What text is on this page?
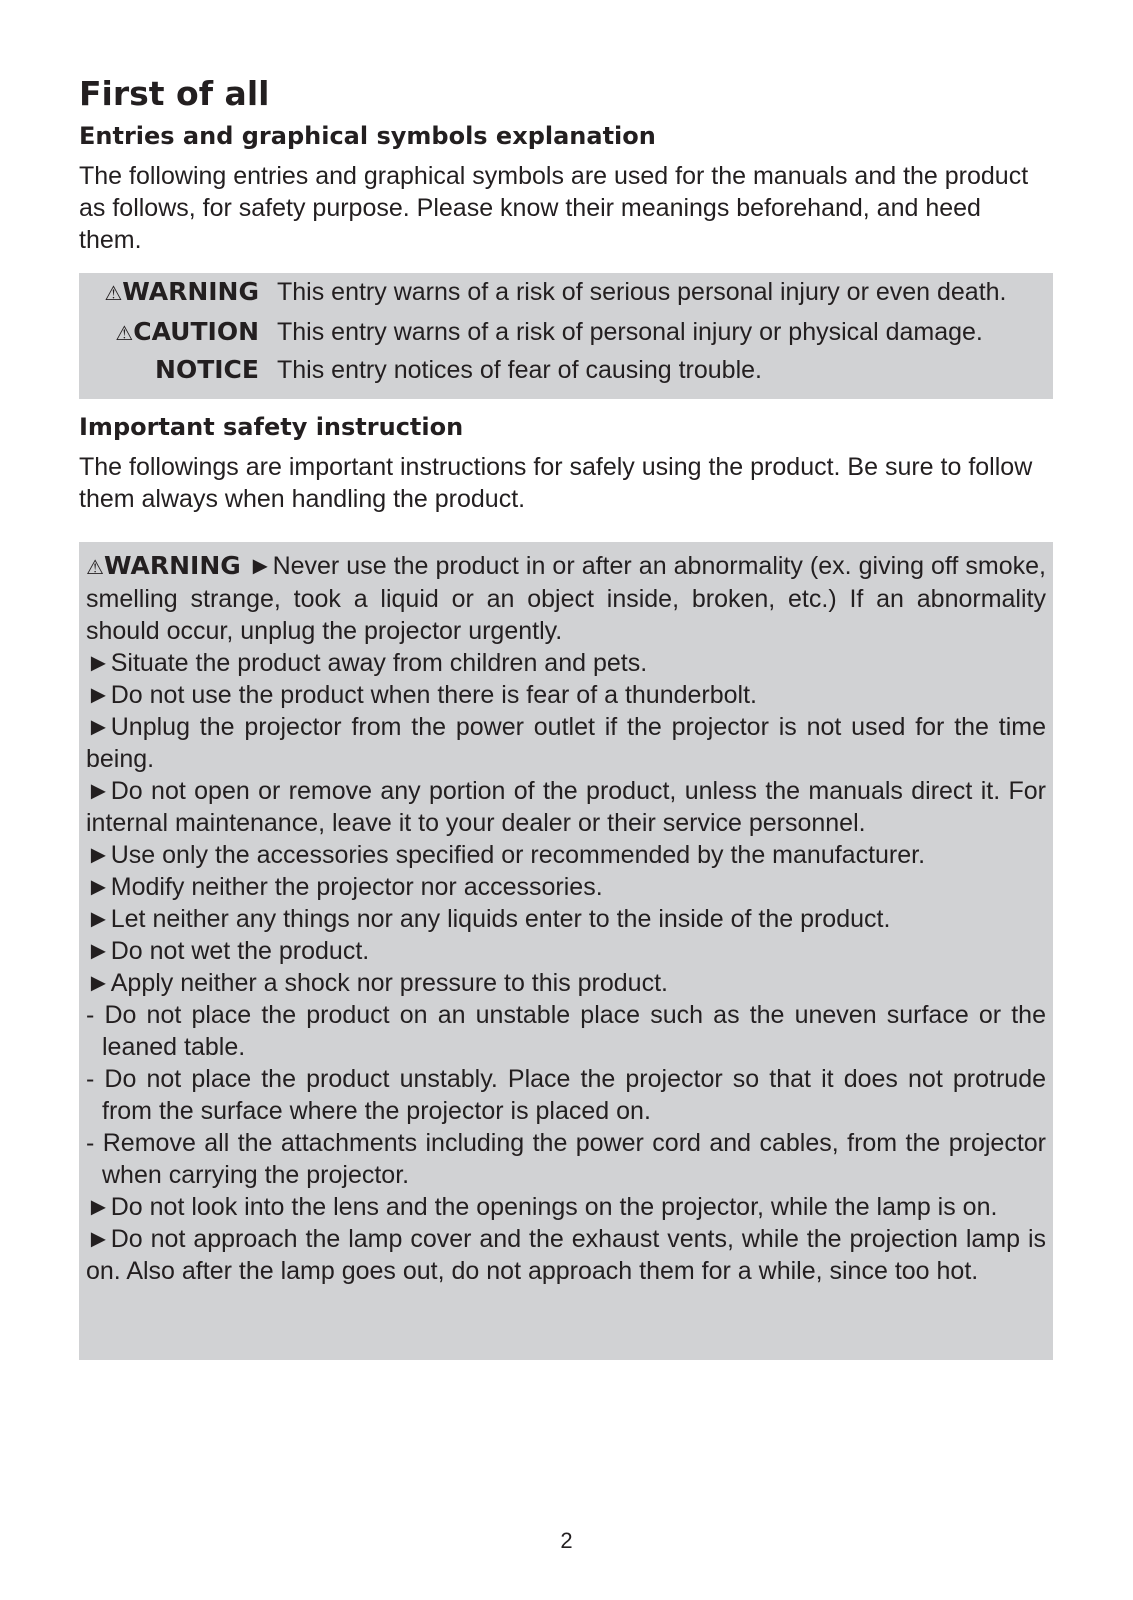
First of all
Entries and graphical symbols explanation

The following entries and graphical symbols are used for the manuals and the product as follows, for safety purpose. Please know their meanings beforehand, and heed them.

⚠WARNING This entry warns of a risk of serious personal injury or even death.
⚠CAUTION This entry warns of a risk of personal injury or physical damage.
NOTICE This entry notices of fear of causing trouble.
Important safety instruction

The followings are important instructions for safely using the product. Be sure to follow them always when handling the product.

⚠WARNING ►Never use the product in or after an abnormality (ex. giving off smoke, smelling strange, took a liquid or an object inside, broken, etc.) If an abnormality should occur, unplug the projector urgently.

►Situate the product away from children and pets.

►Do not use the product when there is fear of a thunderbolt.

►Unplug the projector from the power outlet if the projector is not used for the time being.

►Do not open or remove any portion of the product, unless the manuals direct it. For internal maintenance, leave it to your dealer or their service personnel.

►Use only the accessories specified or recommended by the manufacturer.

►Modify neither the projector nor accessories.

►Let neither any things nor any liquids enter to the inside of the product.

►Do not wet the product.

►Apply neither a shock nor pressure to this product.

- Do not place the product on an unstable place such as the uneven surface or the leaned table.

- Do not place the product unstably. Place the projector so that it does not protrude from the surface where the projector is placed on.

- Remove all the attachments including the power cord and cables, from the projector when carrying the projector.

►Do not look into the lens and the openings on the projector, while the lamp is on.

►Do not approach the lamp cover and the exhaust vents, while the projection lamp is on. Also after the lamp goes out, do not approach them for a while, since too hot.

2
